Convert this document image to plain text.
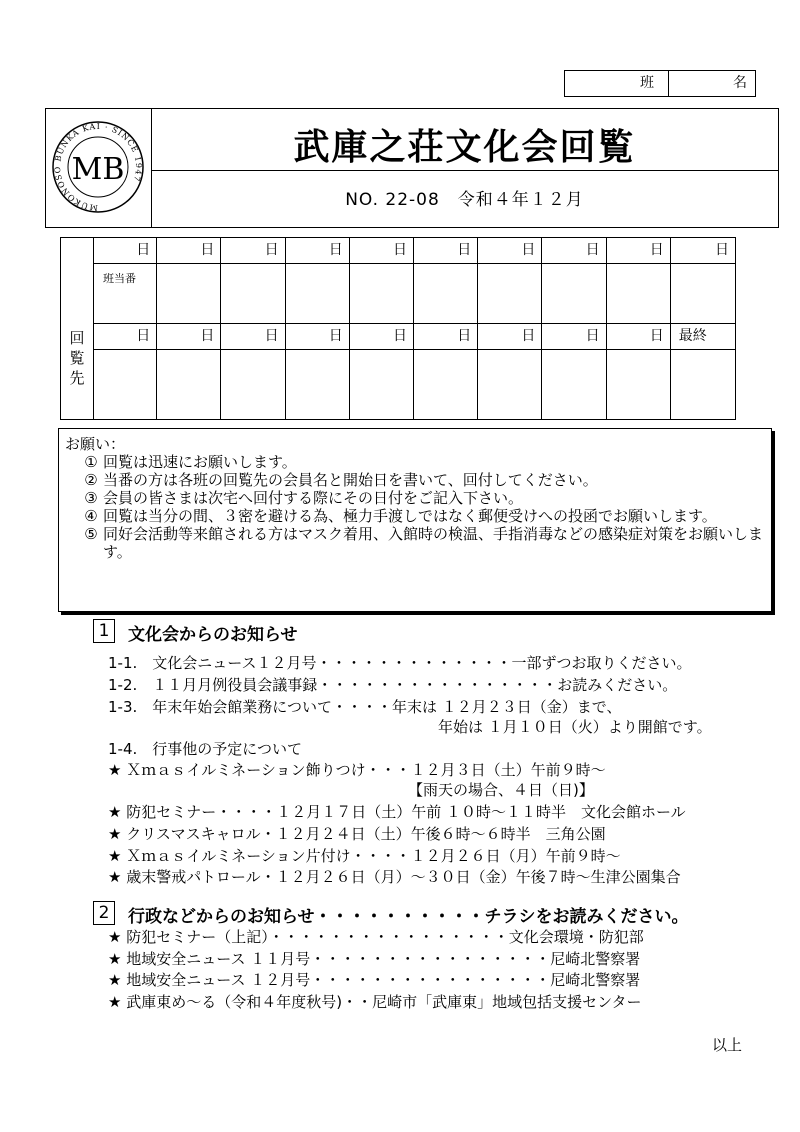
班	名
MUKONOSO BUNKA KAI · SINCE 1947
MB
武庫之荘文化会回覧
NO. 22-08　令和４年１２月
回
覧
先
日	日	日	日	日	日	日	日	日	日
班当番
日	日	日	日	日	日	日	日	日	最終
お願い：
① 回覧は迅速にお願いします。
② 当番の方は各班の回覧先の会員名と開始日を書いて、回付してください。
③ 会員の皆さまは次宅へ回付する際にその日付をご記入下さい。
④ 回覧は当分の間、３密を避ける為、極力手渡しではなく郵便受けへの投函でお願いします。
⑤ 同好会活動等来館される方はマスク着用、入館時の検温、手指消毒などの感染症対策をお願いします。
1	文化会からのお知らせ
1-1.　文化会ニュース１２月号・・・・・・・・・・・・・一部ずつお取りください。
1-2.　１１月月例役員会議事録・・・・・・・・・・・・・・・・お読みください。
1-3.　年末年始会館業務について・・・・年末は １２月２３日（金）まで、
年始は １月１０日（火）より開館です。
1-4.　行事他の予定について
★ Ｘｍａｓイルミネーション飾りつけ・・・１２月３日（土）午前９時～
【雨天の場合、４日（日)】
★ 防犯セミナー・・・・１２月１７日（土）午前 １０時～１１時半　文化会館ホール
★ クリスマスキャロル・１２月２４日（土）午後６時～６時半　三角公園
★ Ｘｍａｓイルミネーション片付け・・・・１２月２６日（月）午前９時～
★ 歳末警戒パトロール・１２月２６日（月）～３０日（金）午後７時～生津公園集合
2	行政などからのお知らせ・・・・・・・・・・チラシをお読みください。
★ 防犯セミナー（上記）・・・・・・・・・・・・・・・・文化会環境・防犯部
★ 地域安全ニュース １１月号・・・・・・・・・・・・・・・・尼崎北警察署
★ 地域安全ニュース １２月号・・・・・・・・・・・・・・・・尼崎北警察署
★ 武庫東め～る（令和４年度秋号)・・尼崎市「武庫東」地域包括支援センター
以上
